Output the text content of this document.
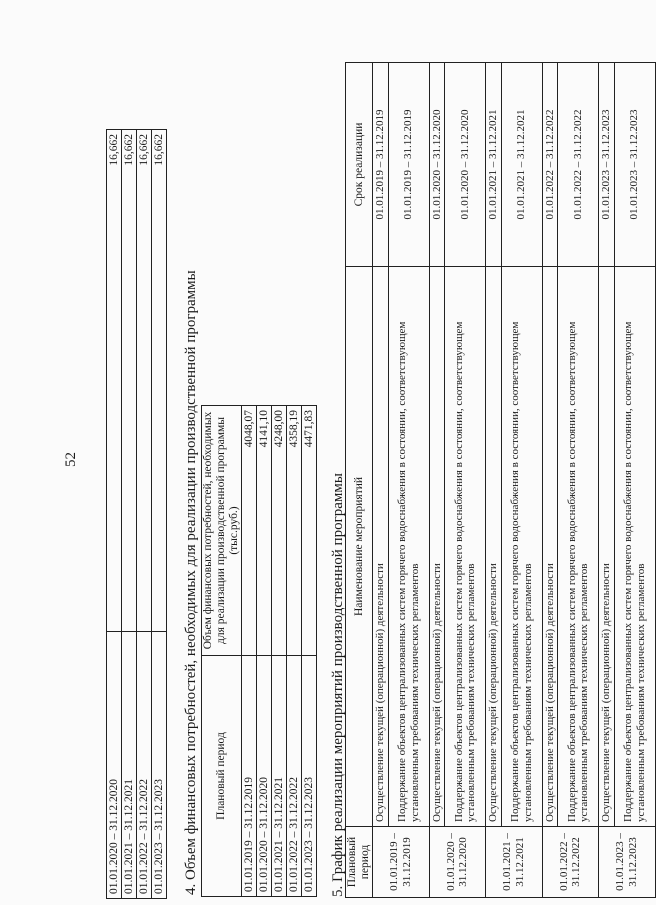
52
01.01.2020 – 31.12.2020	16,662
01.01.2021 – 31.12.2021	16,662
01.01.2022 – 31.12.2022	16,662
01.01.2023 – 31.12.2023	16,662
4. Объем финансовых потребностей, необходимых для реализации производственной программы Плановый период	Объем финансовых потребностей, необходимых для реализации производственной программы (тыс.руб.)
01.01.2019 – 31.12.2019	4048,07
01.01.2020 – 31.12.2020	4141,10
01.01.2021 – 31.12.2021	4248,00
01.01.2022 – 31.12.2022	4358,19
01.01.2023 – 31.12.2023	4471,83
5. График реализации мероприятий производственной программы Плановый период	Наименование мероприятий	Срок реализации
01.01.2019 – 31.12.2019	Осуществление текущей (операционной) деятельности	01.01.2019 – 31.12.2019
	Поддержание объектов централизованных систем горячего водоснабжения в состоянии, соответствующем установленным требованиям технических регламентов	01.01.2019 – 31.12.2019
01.01.2020 – 31.12.2020	Осуществление текущей (операционной) деятельности	01.01.2020 – 31.12.2020
	Поддержание объектов централизованных систем горячего водоснабжения в состоянии, соответствующем установленным требованиям технических регламентов	01.01.2020 – 31.12.2020
01.01.2021 – 31.12.2021	Осуществление текущей (операционной) деятельности	01.01.2021 – 31.12.2021
	Поддержание объектов централизованных систем горячего водоснабжения в состоянии, соответствующем установленным требованиям технических регламентов	01.01.2021 – 31.12.2021
01.01.2022 – 31.12.2022	Осуществление текущей (операционной) деятельности	01.01.2022 – 31.12.2022
	Поддержание объектов централизованных систем горячего водоснабжения в состоянии, соответствующем установленным требованиям технических регламентов	01.01.2022 – 31.12.2022
01.01.2023 – 31.12.2023	Осуществление текущей (операционной) деятельности	01.01.2023 – 31.12.2023
	Поддержание объектов централизованных систем горячего водоснабжения в состоянии, соответствующем установленным требованиям технических регламентов	01.01.2023 – 31.12.2023
